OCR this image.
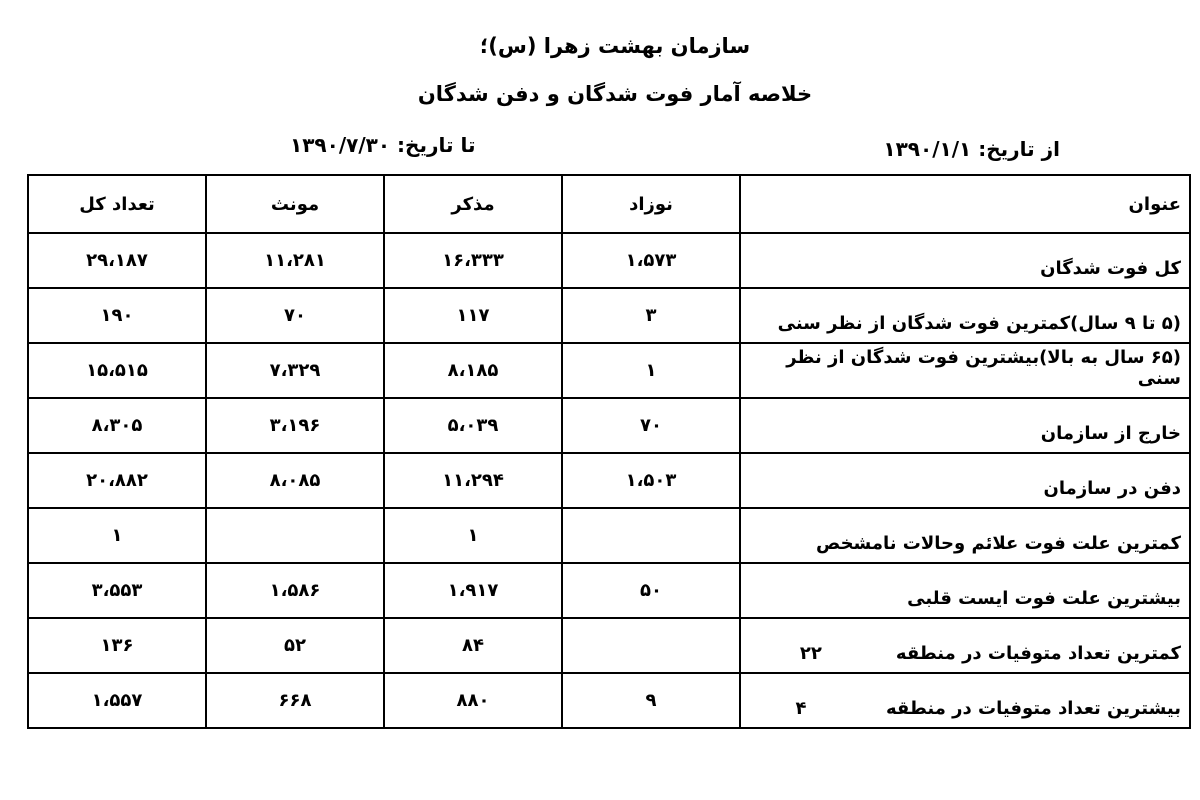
سازمان بهشت زهرا (س)؛
خلاصه آمار فوت شدگان و دفن شدگان
از تاریخ: ۱۳۹۰/۱/۱
تا تاریخ: ۱۳۹۰/۷/۳۰
عنوان	نوزاد	مذکر	مونث	تعداد کل
کل فوت شدگان	۱،۵۷۳	۱۶،۳۳۳	۱۱،۲۸۱	۲۹،۱۸۷
(۵ تا ۹ سال)کمترین فوت شدگان از نظر سنی	۳	۱۱۷	۷۰	۱۹۰
(۶۵ سال به بالا)بیشترین فوت شدگان از نظر سنی	۱	۸،۱۸۵	۷،۳۲۹	۱۵،۵۱۵
خارج از سازمان	۷۰	۵،۰۳۹	۳،۱۹۶	۸،۳۰۵
دفن در سازمان	۱،۵۰۳	۱۱،۲۹۴	۸،۰۸۵	۲۰،۸۸۲
کمترین علت فوت علائم وحالات نامشخص		۱		۱
بیشترین علت فوت ایست قلبی	۵۰	۱،۹۱۷	۱،۵۸۶	۳،۵۵۳
کمترین تعداد متوفیات در منطقه۲۲		۸۴	۵۲	۱۳۶
بیشترین تعداد متوفیات در منطقه۴	۹	۸۸۰	۶۶۸	۱،۵۵۷
